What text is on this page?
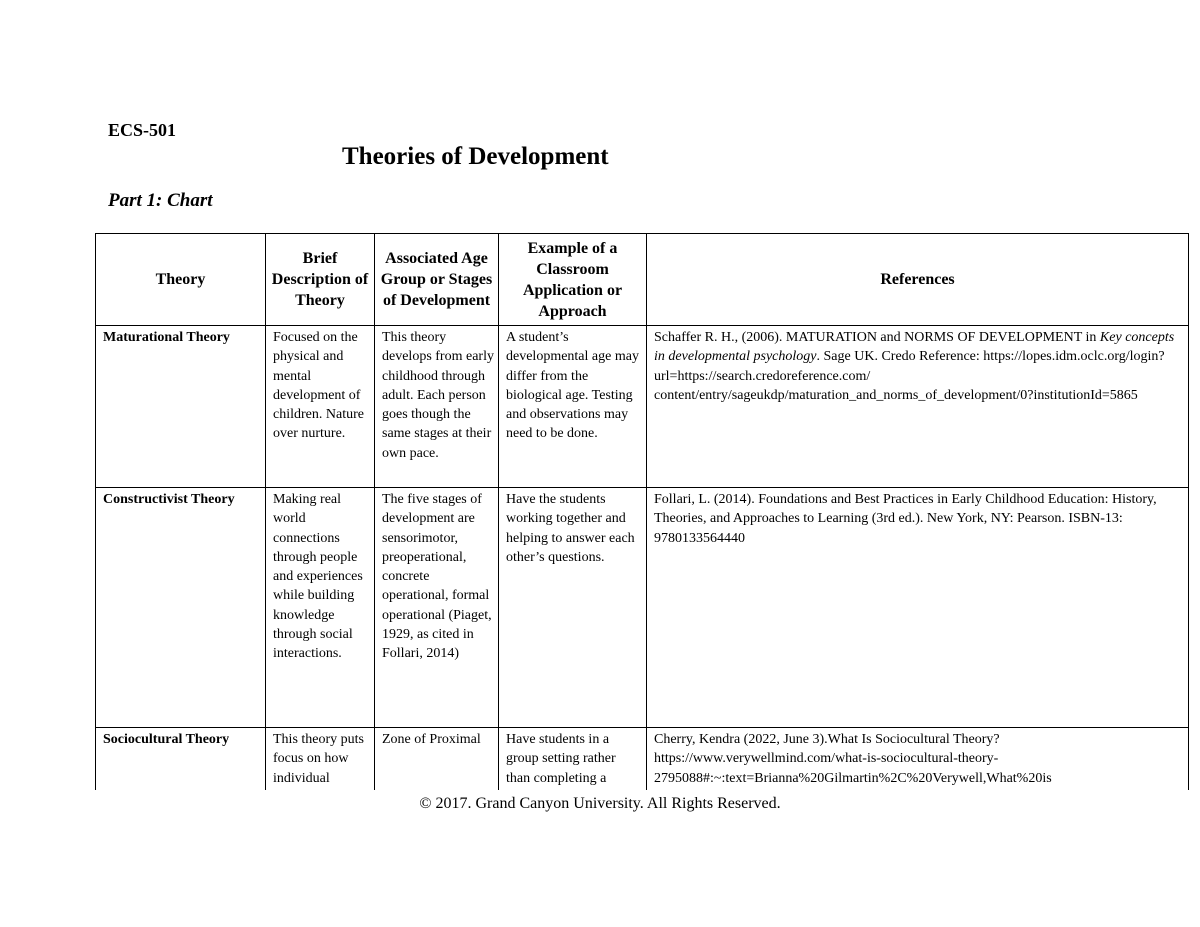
ECS-501
Theories of Development
Part 1: Chart
Theory	Brief Description of Theory	Associated Age Group or Stages of Development	Example of a Classroom Application or Approach	References
Maturational Theory	Focused on the physical and mental development of children. Nature over nurture.	This theory develops from early childhood through adult. Each person goes though the same stages at their own pace.	A student’s developmental age may differ from the biological age. Testing and observations may need to be done.	Schaffer R. H., (2006). MATURATION and NORMS OF DEVELOPMENT in Key concepts in developmental psychology. Sage UK. Credo Reference: https://lopes.idm.oclc.org/login?url=https://search.credoreference.com/ content/entry/sageukdp/maturation_and_norms_of_development/0?institutionId=5865
Constructivist Theory	Making real world connections through people and experiences while building knowledge through social interactions.	The five stages of development are sensorimotor, preoperational, concrete operational, formal operational (Piaget, 1929, as cited in Follari, 2014)	Have the students working together and helping to answer each other’s questions.	Follari, L. (2014). Foundations and Best Practices in Early Childhood Education: History, Theories, and Approaches to Learning (3rd ed.). New York, NY: Pearson. ISBN-13: 9780133564440
Sociocultural Theory	This theory puts focus on how individual	Zone of Proximal	Have students in a group setting rather than completing a	Cherry, Kendra (2022, June 3).What Is Sociocultural Theory? https://www.verywellmind.com/what-is-sociocultural-theory-2795088#:~:text=Brianna%20Gilmartin%2C%20Verywell,What%20is
© 2017. Grand Canyon University. All Rights Reserved.
